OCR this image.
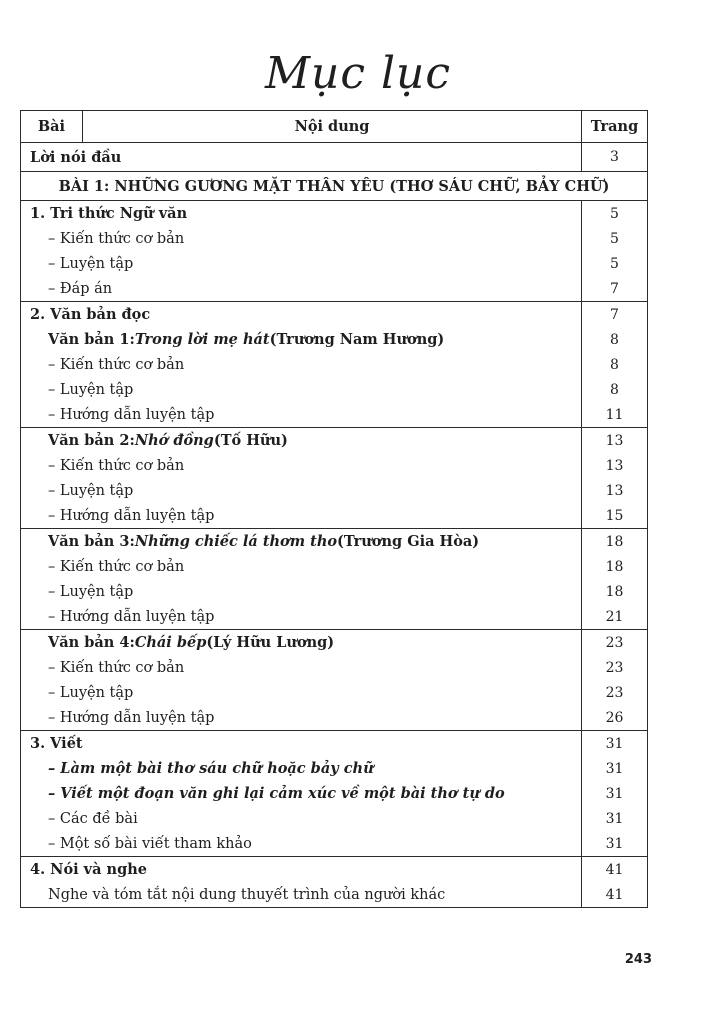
Mục lục
Bài	Nội dung	Trang
Lời nói đầu	3
BÀI 1: NHỮNG GƯƠNG MẶT THÂN YÊU (THƠ SÁU CHỮ, BẢY CHỮ)
1. Tri thức Ngữ văn	5
– Kiến thức cơ bản	5
– Luyện tập	5
– Đáp án	7
2. Văn bản đọc	7
Văn bản 1: Trong lời mẹ hát (Trương Nam Hương)	8
– Kiến thức cơ bản	8
– Luyện tập	8
– Hướng dẫn luyện tập	11
Văn bản 2: Nhớ đồng (Tố Hữu)	13
– Kiến thức cơ bản	13
– Luyện tập	13
– Hướng dẫn luyện tập	15
Văn bản 3: Những chiếc lá thơm tho (Trương Gia Hòa)	18
– Kiến thức cơ bản	18
– Luyện tập	18
– Hướng dẫn luyện tập	21
Văn bản 4: Chái bếp (Lý Hữu Lương)	23
– Kiến thức cơ bản	23
– Luyện tập	23
– Hướng dẫn luyện tập	26
3. Viết	31
– Làm một bài thơ sáu chữ hoặc bảy chữ	31
– Viết một đoạn văn ghi lại cảm xúc về một bài thơ tự do	31
– Các đề bài	31
– Một số bài viết tham khảo	31
4. Nói và nghe	41
Nghe và tóm tắt nội dung thuyết trình của người khác	41
243
